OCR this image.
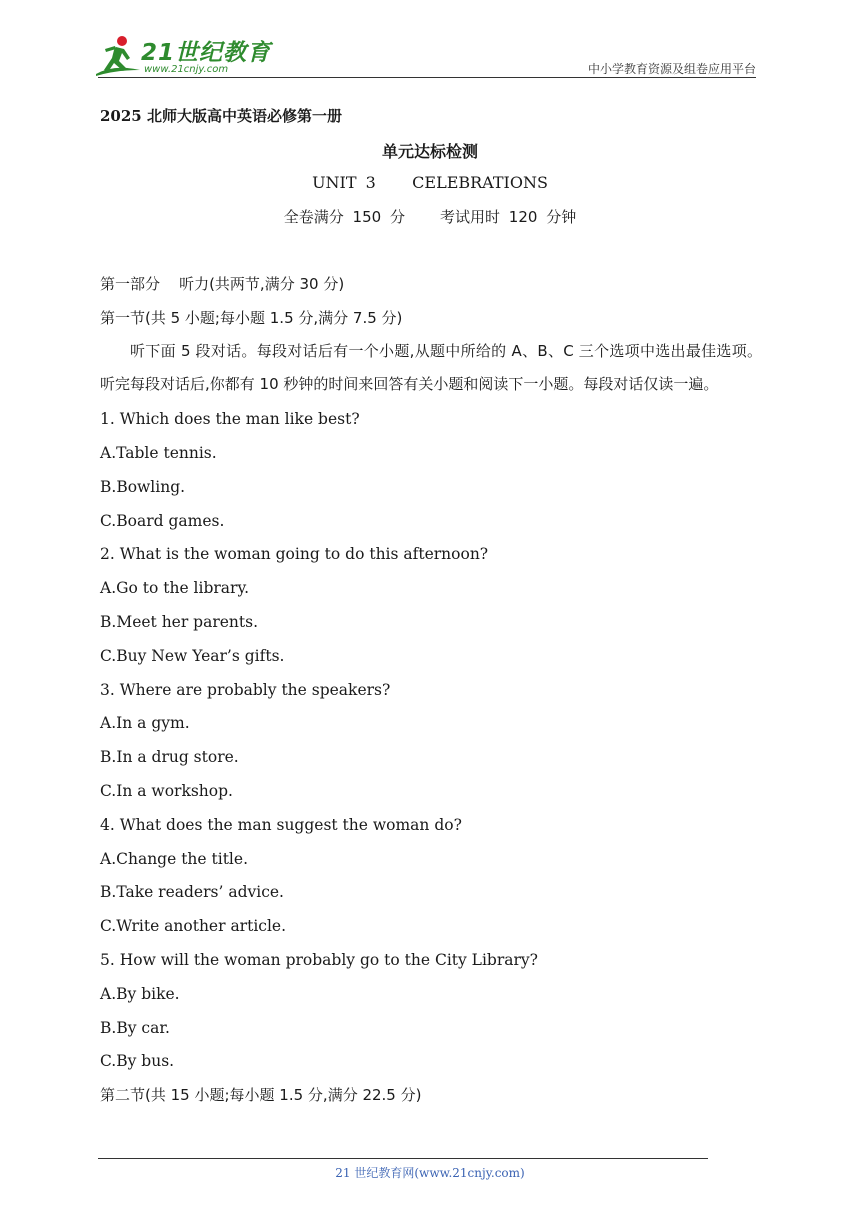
21世纪教育
www.21cnjy.com	中小学教育资源及组卷应用平台
2025 北师大版高中英语必修第一册
单元达标检测
UNIT 3    CELEBRATIONS
全卷满分 150 分    考试用时 120 分钟
第一部分    听力(共两节,满分 30 分)
第一节(共 5 小题;每小题 1.5 分,满分 7.5 分)
听下面 5 段对话。每段对话后有一个小题,从题中所给的 A、B、C 三个选项中选出最佳选项。听完每段对话后,你都有 10 秒钟的时间来回答有关小题和阅读下一小题。每段对话仅读一遍。
1. Which does the man like best?
A.Table tennis.
B.Bowling.
C.Board games.
2. What is the woman going to do this afternoon?
A.Go to the library.
B.Meet her parents.
C.Buy New Year’s gifts.
3. Where are probably the speakers?
A.In a gym.
B.In a drug store.
C.In a workshop.
4. What does the man suggest the woman do?
A.Change the title.
B.Take readers’ advice.
C.Write another article.
5. How will the woman probably go to the City Library?
A.By bike.
B.By car.
C.By bus.
第二节(共 15 小题;每小题 1.5 分,满分 22.5 分)
21 世纪教育网(www.21cnjy.com)
